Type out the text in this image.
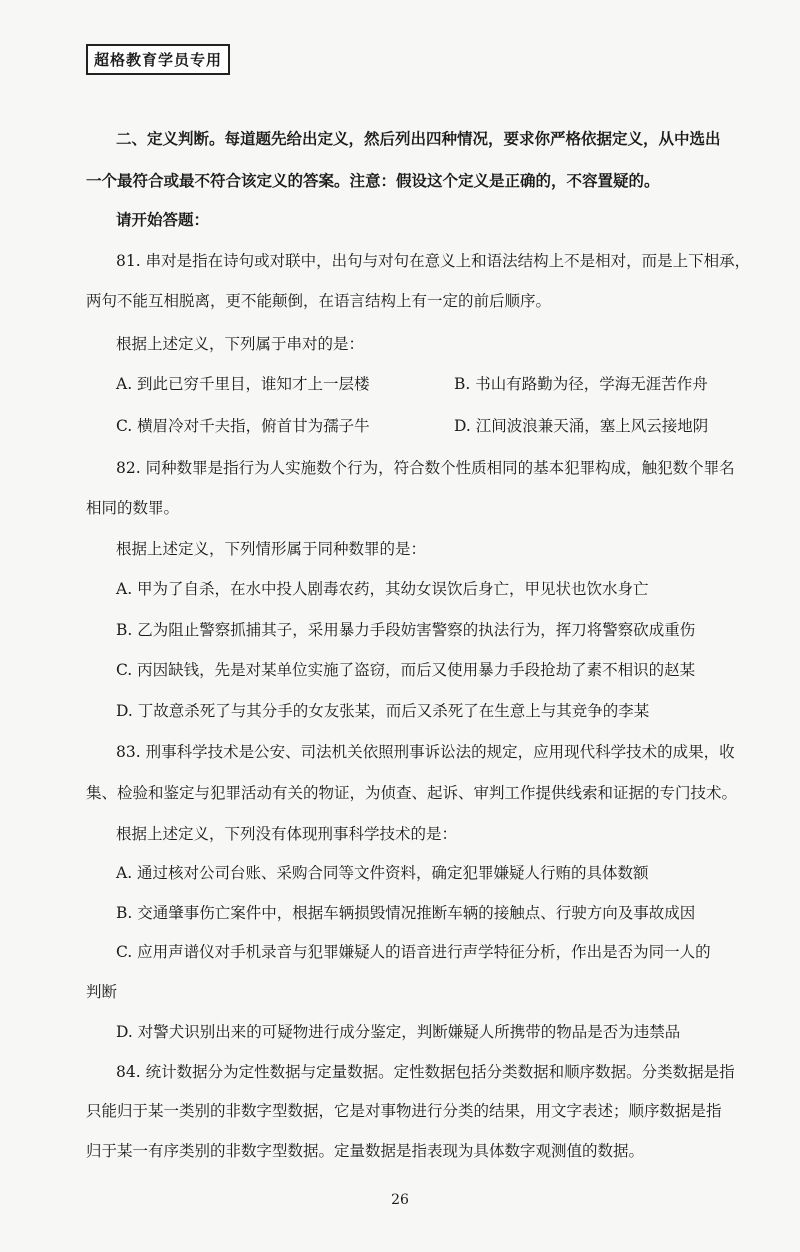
超格教育学员专用
二、定义判断。每道题先给出定义，然后列出四种情况，要求你严格依据定义，从中选出
一个最符合或最不符合该定义的答案。注意：假设这个定义是正确的，不容置疑的。
请开始答题：
81. 串对是指在诗句或对联中，出句与对句在意义上和语法结构上不是相对，而是上下相承，
两句不能互相脱离，更不能颠倒，在语言结构上有一定的前后顺序。
根据上述定义，下列属于串对的是：
A. 到此已穷千里目，谁知才上一层楼	B. 书山有路勤为径，学海无涯苦作舟
C. 横眉冷对千夫指，俯首甘为孺子牛	D. 江间波浪兼天涌，塞上风云接地阴
82. 同种数罪是指行为人实施数个行为，符合数个性质相同的基本犯罪构成，触犯数个罪名
相同的数罪。
根据上述定义，下列情形属于同种数罪的是：
A. 甲为了自杀，在水中投人剧毒农药，其幼女误饮后身亡，甲见状也饮水身亡
B. 乙为阻止警察抓捕其子，采用暴力手段妨害警察的执法行为，挥刀将警察砍成重伤
C. 丙因缺钱，先是对某单位实施了盗窃，而后又使用暴力手段抢劫了素不相识的赵某
D. 丁故意杀死了与其分手的女友张某，而后又杀死了在生意上与其竞争的李某
83. 刑事科学技术是公安、司法机关依照刑事诉讼法的规定，应用现代科学技术的成果，收
集、检验和鉴定与犯罪活动有关的物证，为侦查、起诉、审判工作提供线索和证据的专门技术。
根据上述定义，下列没有体现刑事科学技术的是：
A. 通过核对公司台账、采购合同等文件资料，确定犯罪嫌疑人行贿的具体数额
B. 交通肇事伤亡案件中，根据车辆损毁情况推断车辆的接触点、行驶方向及事故成因
C. 应用声谱仪对手机录音与犯罪嫌疑人的语音进行声学特征分析，作出是否为同一人的
判断
D. 对警犬识别出来的可疑物进行成分鉴定，判断嫌疑人所携带的物品是否为违禁品
84. 统计数据分为定性数据与定量数据。定性数据包括分类数据和顺序数据。分类数据是指
只能归于某一类别的非数字型数据，它是对事物进行分类的结果，用文字表述；顺序数据是指
归于某一有序类别的非数字型数据。定量数据是指表现为具体数字观测值的数据。
26
